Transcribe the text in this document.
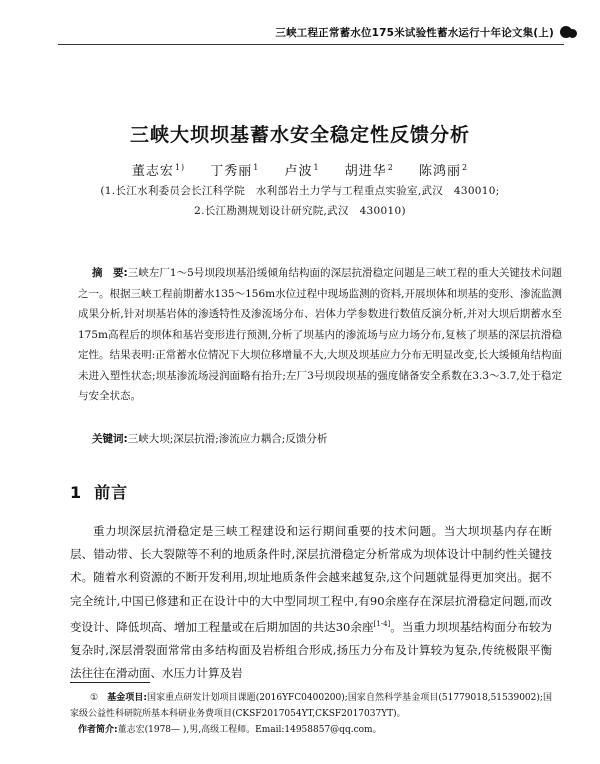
三峡工程正常蓄水位175米试验性蓄水运行十年论文集(上)
三峡大坝坝基蓄水安全稳定性反馈分析
董志宏$^{1)}$ 丁秀丽$^1$ 卢波$^1$ 胡进华$^2$ 陈鸿丽$^2$
(1.长江水利委员会长江科学院　水利部岩土力学与工程重点实验室,武汉　430010;
2.长江勘测规划设计研究院,武汉　430010)

摘　要:三峡左厂1～5号坝段坝基沿缓倾角结构面的深层抗滑稳定问题是三峡工程的重大关键技术问题之一。根据三峡工程前期蓄水135～156m水位过程中现场监测的资料,开展坝体和坝基的变形、渗流监测成果分析,针对坝基岩体的渗透特性及渗流场分布、岩体力学参数进行数值反演分析,并对大坝后期蓄水至175m高程后的坝体和基岩变形进行预测,分析了坝基内的渗流场与应力场分布,复核了坝基的深层抗滑稳定性。结果表明:正常蓄水位情况下大坝位移增量不大,大坝及坝基应力分布无明显改变,长大缓倾角结构面未进入塑性状态;坝基渗流场浸润面略有抬升;左厂3号坝段坝基的强度储备安全系数在3.3～3.7,处于稳定与安全状态。

关键词:三峡大坝;深层抗滑;渗流应力耦合;反馈分析
1 前言

重力坝深层抗滑稳定是三峡工程建设和运行期间重要的技术问题。当大坝坝基内存在断层、错动带、长大裂隙等不利的地质条件时,深层抗滑稳定分析常成为坝体设计中制约性关键技术。随着水利资源的不断开发利用,坝址地质条件会越来越复杂,这个问题就显得更加突出。据不完全统计,中国已修建和正在设计中的大中型同坝工程中,有90余座存在深层抗滑稳定问题,而改变设计、降低坝高、增加工程量或在后期加固的共达30余座[1-4]。当重力坝坝基结构面分布较为复杂时,深层滑裂面常常由多结构面及岩桥组合形成,扬压力分布及计算较为复杂,传统极限平衡法往往在滑动面、水压力计算及岩

①　 基金项目:国家重点研发计划项目课题(2016YFC0400200);国家自然科学基金项目(51779018,51539002);国家级公益性科研院所基本科研业务费项目(CKSF2017054YT,CKSF2017037YT)。

作者简介:董志宏(1978— ),男,高级工程师。Email:14958857@qq.com。
